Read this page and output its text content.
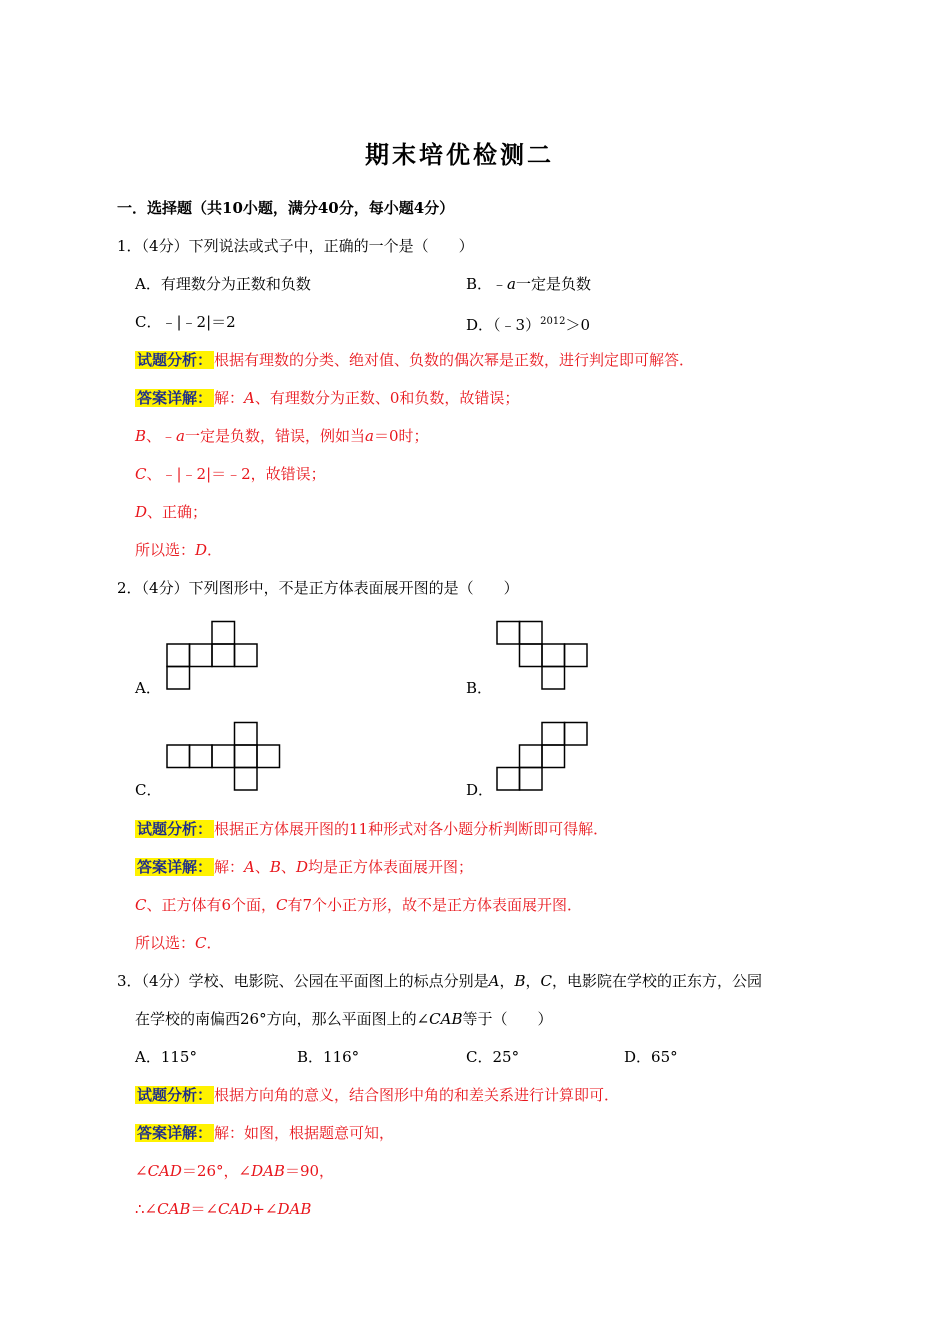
期末培优检测二
一．选择题（共10小题，满分40分，每小题4分）
1．（4分）下列说法或式子中，正确的一个是（　　）
A．有理数分为正数和负数	B．﹣a一定是负数
C．﹣|﹣2|＝2	D．（﹣3）$^{2012}$＞0
试题分析： 根据有理数的分类、绝对值、负数的偶次幂是正数，进行判定即可解答．
答案详解： 解：A、有理数分为正数、0和负数，故错误；
B、﹣a一定是负数，错误，例如当a＝0时；
C、﹣|﹣2|＝﹣2，故错误；
D、正确；
所以选：D．
2．（4分）下列图形中，不是正方体表面展开图的是（　　）
A．	B．
C．	D．
试题分析： 根据正方体展开图的11种形式对各小题分析判断即可得解．
答案详解： 解：A、B、D均是正方体表面展开图；
C、正方体有6个面，C有7个小正方形，故不是正方体表面展开图．
所以选：C．
3．（4分）学校、电影院、公园在平面图上的标点分别是A，B，C，电影院在学校的正东方，公园
在学校的南偏西26°方向，那么平面图上的∠CAB等于（　　）
A．115°	B．116°	C．25°	D．65°
试题分析： 根据方向角的意义，结合图形中角的和差关系进行计算即可．
答案详解： 解：如图，根据题意可知，
∠CAD＝26°，∠DAB＝90，
∴∠CAB＝∠CAD+∠DAB
